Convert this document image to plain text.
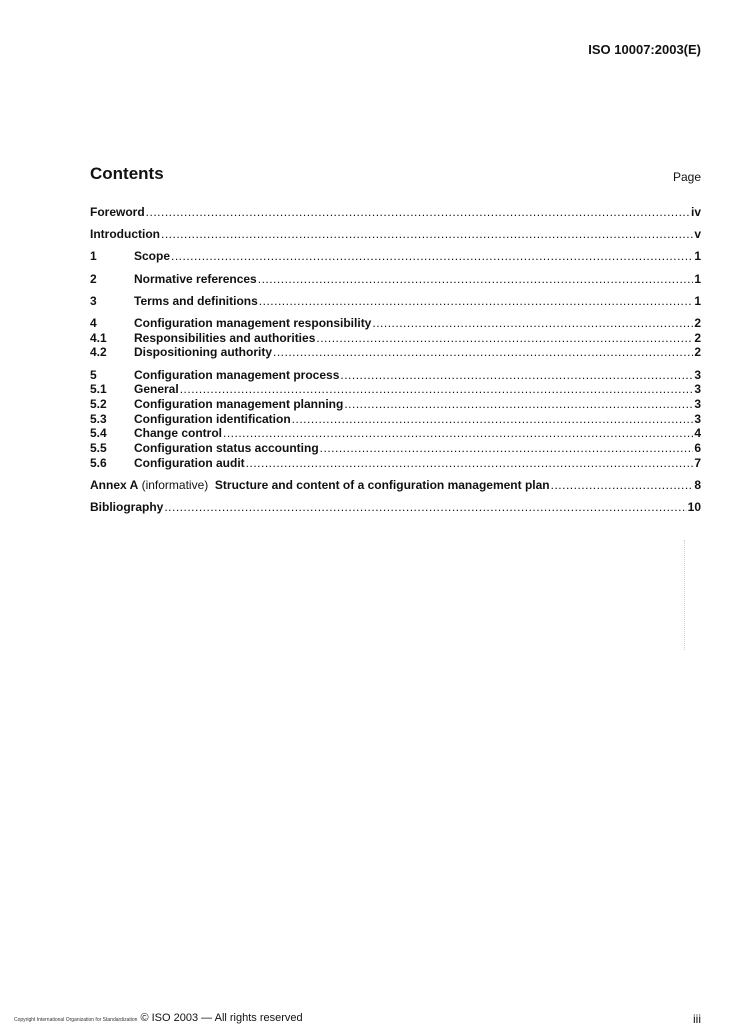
ISO 10007:2003(E)
Contents	Page
Foreword .....	iv
Introduction .....	v
1	Scope .....	1
2	Normative references .....	1
3	Terms and definitions .....	1
4	Configuration management responsibility .....	2
4.1	Responsibilities and authorities .....	2
4.2	Dispositioning authority .....	2
5	Configuration management process .....	3
5.1	General .....	3
5.2	Configuration management planning .....	3
5.3	Configuration identification .....	3
5.4	Change control .....	4
5.5	Configuration status accounting .....	6
5.6	Configuration audit .....	7
Annex A (informative)  Structure and content of a configuration management plan .....	8
Bibliography .....	10
Copyright International Organization for Standardization © ISO 2003 — All rights reserved	iii
